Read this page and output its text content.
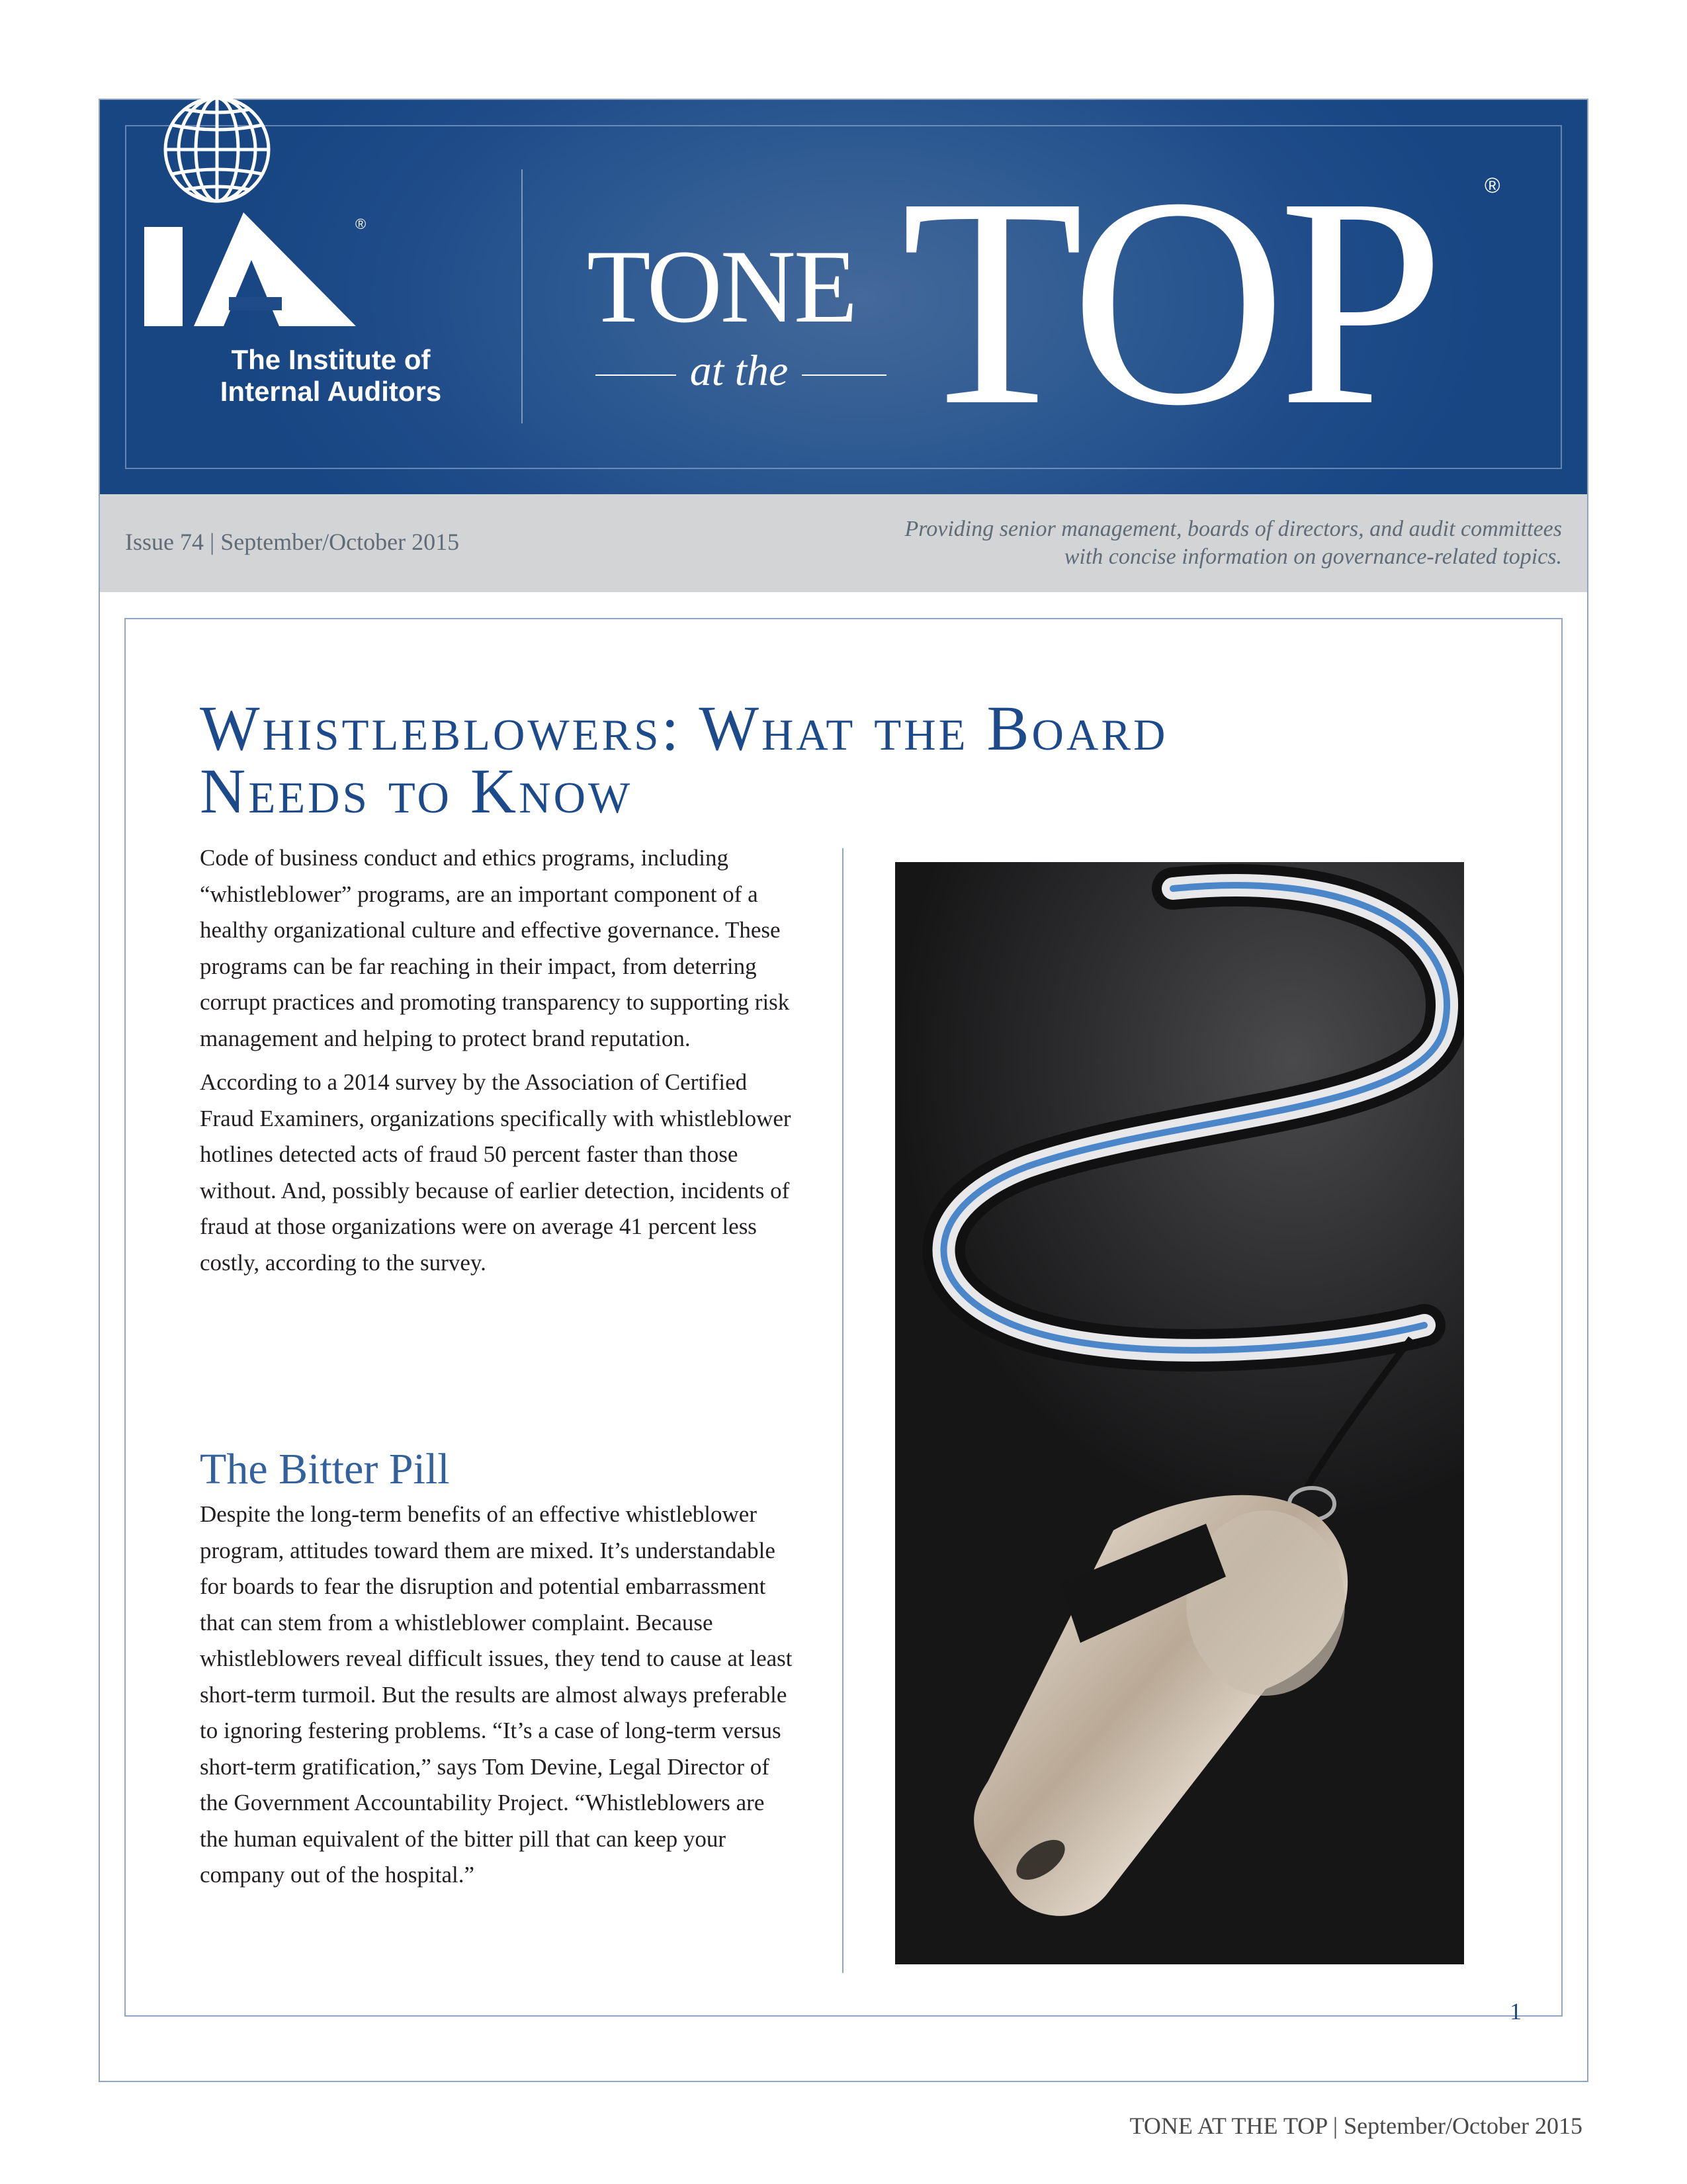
®
The Institute of
Internal Auditors
TONE
at the TOP ®
Issue 74 | September/October 2015	Providing senior management, boards of directors, and audit committees
with concise information on governance-related topics.
Whistleblowers: What the Board
Needs to Know

Code of business conduct and ethics programs, including “whistleblower” programs, are an important component of a healthy organizational culture and effective governance. These programs can be far reaching in their impact, from deterring corrupt practices and promoting transparency to supporting risk management and helping to protect brand reputation.

According to a 2014 survey by the Association of Certified Fraud Examiners, organizations specifically with whistleblower hotlines detected acts of fraud 50 percent faster than those without. And, possibly because of earlier detection, incidents of fraud at those organizations were on average 41 percent less costly, according to the survey.

The Bitter Pill

Despite the long-term benefits of an effective whistleblower program, attitudes toward them are mixed. It’s understandable for boards to fear the disruption and potential embarrassment that can stem from a whistleblower complaint. Because whistleblowers reveal difficult issues, they tend to cause at least short-term turmoil. But the results are almost always preferable to ignoring festering problems. “It’s a case of long-term versus short-term gratification,” says Tom Devine, Legal Director of the Government Accountability Project. “Whistleblowers are the human equivalent of the bitter pill that can keep your company out of the hospital.”

1
TONE AT THE TOP | September/October 2015
